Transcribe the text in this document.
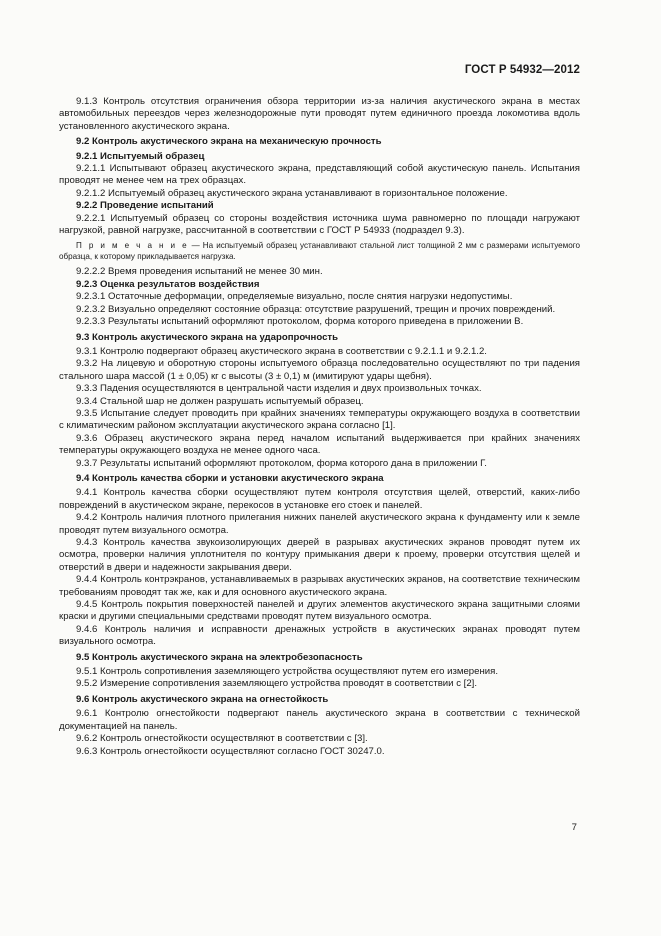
ГОСТ Р 54932—2012
9.1.3 Контроль отсутствия ограничения обзора территории из-за наличия акустического экрана в местах автомобильных переездов через железнодорожные пути проводят путем единичного проезда локомотива вдоль установленного акустического экрана.
9.2 Контроль акустического экрана на механическую прочность
9.2.1 Испытуемый образец
9.2.1.1 Испытывают образец акустического экрана, представляющий собой акустическую панель. Испытания проводят не менее чем на трех образцах.
9.2.1.2 Испытуемый образец акустического экрана устанавливают в горизонтальное положение.
9.2.2 Проведение испытаний
9.2.2.1 Испытуемый образец со стороны воздействия источника шума равномерно по площади нагружают нагрузкой, равной нагрузке, рассчитанной в соответствии с ГОСТ Р 54933 (подраздел 9.3).
П р и м е ч а н и е — На испытуемый образец устанавливают стальной лист толщиной 2 мм с размерами испытуемого образца, к которому прикладывается нагрузка.
9.2.2.2 Время проведения испытаний не менее 30 мин.
9.2.3 Оценка результатов воздействия
9.2.3.1 Остаточные деформации, определяемые визуально, после снятия нагрузки недопустимы.
9.2.3.2 Визуально определяют состояние образца: отсутствие разрушений, трещин и прочих повреждений.
9.2.3.3 Результаты испытаний оформляют протоколом, форма которого приведена в приложении В.
9.3 Контроль акустического экрана на ударопрочность
9.3.1 Контролю подвергают образец акустического экрана в соответствии с 9.2.1.1 и 9.2.1.2.
9.3.2 На лицевую и оборотную стороны испытуемого образца последовательно осуществляют по три падения стального шара массой (1 ± 0,05) кг с высоты (3 ± 0,1) м (имитируют удары щебня).
9.3.3 Падения осуществляются в центральной части изделия и двух произвольных точках.
9.3.4 Стальной шар не должен разрушать испытуемый образец.
9.3.5 Испытание следует проводить при крайних значениях температуры окружающего воздуха в соответствии с климатическим районом эксплуатации акустического экрана согласно [1].
9.3.6 Образец акустического экрана перед началом испытаний выдерживается при крайних значениях температуры окружающего воздуха не менее одного часа.
9.3.7 Результаты испытаний оформляют протоколом, форма которого дана в приложении Г.
9.4 Контроль качества сборки и установки акустического экрана
9.4.1 Контроль качества сборки осуществляют путем контроля отсутствия щелей, отверстий, каких-либо повреждений в акустическом экране, перекосов в установке его стоек и панелей.
9.4.2 Контроль наличия плотного прилегания нижних панелей акустического экрана к фундаменту или к земле проводят путем визуального осмотра.
9.4.3 Контроль качества звукоизолирующих дверей в разрывах акустических экранов проводят путем их осмотра, проверки наличия уплотнителя по контуру примыкания двери к проему, проверки отсутствия щелей и отверстий в двери и надежности закрывания двери.
9.4.4 Контроль контрэкранов, устанавливаемых в разрывах акустических экранов, на соответствие техническим требованиям проводят так же, как и для основного акустического экрана.
9.4.5 Контроль покрытия поверхностей панелей и других элементов акустического экрана защитными слоями краски и другими специальными средствами проводят путем визуального осмотра.
9.4.6 Контроль наличия и исправности дренажных устройств в акустических экранах проводят путем визуального осмотра.
9.5 Контроль акустического экрана на электробезопасность
9.5.1 Контроль сопротивления заземляющего устройства осуществляют путем его измерения.
9.5.2 Измерение сопротивления заземляющего устройства проводят в соответствии с [2].
9.6 Контроль акустического экрана на огнестойкость
9.6.1 Контролю огнестойкости подвергают панель акустического экрана в соответствии с технической документацией на панель.
9.6.2 Контроль огнестойкости осуществляют в соответствии с [3].
9.6.3 Контроль огнестойкости осуществляют согласно ГОСТ 30247.0.
7
